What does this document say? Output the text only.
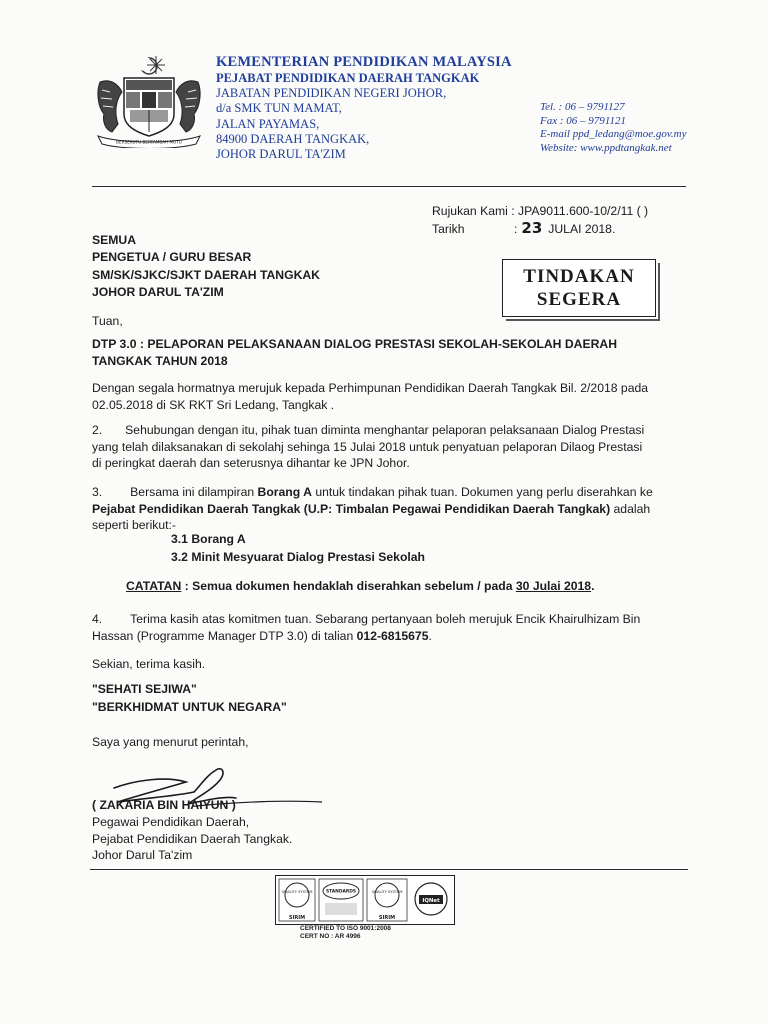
BERSEKUTU BERTAMBAH MUTU
KEMENTERIAN PENDIDIKAN MALAYSIA
PEJABAT PENDIDIKAN DAERAH TANGKAK
JABATAN PENDIDIKAN NEGERI JOHOR,
d/a SMK TUN MAMAT,
JALAN PAYAMAS,
84900 DAERAH TANGKAK,
JOHOR DARUL TA'ZIM
Tel. : 06 – 9791127
Fax : 06 – 9791121
E-mail ppd_ledang@moe.gov.my
Website: www.ppdtangkak.net
Rujukan Kami : JPA9011.600-10/2/11 ( )
Tarikh	: 23 JULAI 2018.
TINDAKAN
SEGERA
SEMUA
PENGETUA / GURU BESAR
SM/SK/SJKC/SJKT DAERAH TANGKAK
JOHOR DARUL TA'ZIM
Tuan,
DTP 3.0 : PELAPORAN PELAKSANAAN DIALOG PRESTASI SEKOLAH-SEKOLAH DAERAH
TANGKAK TAHUN 2018
Dengan segala hormatnya merujuk kepada Perhimpunan Pendidikan Daerah Tangkak Bil. 2/2018 pada
02.05.2018 di SK RKT Sri Ledang, Tangkak .
2. Sehubungan dengan itu, pihak tuan diminta menghantar pelaporan pelaksanaan Dialog Prestasi
yang telah dilaksanakan di sekolahj sehinga 15 Julai 2018 untuk penyatuan pelaporan Dilaog Prestasi
di peringkat daerah dan seterusnya dihantar ke JPN Johor.
3. Bersama ini dilampiran Borang A untuk tindakan pihak tuan. Dokumen yang perlu diserahkan ke
Pejabat Pendidikan Daerah Tangkak (U.P: Timbalan Pegawai Pendidikan Daerah Tangkak) adalah
seperti berikut:-
3.1 Borang A
3.2 Minit Mesyuarat Dialog Prestasi Sekolah
CATATAN : Semua dokumen hendaklah diserahkan sebelum / pada 30 Julai 2018.
4. Terima kasih atas komitmen tuan. Sebarang pertanyaan boleh merujuk Encik Khairulhizam Bin
Hassan (Programme Manager DTP 3.0) di talian 012-6815675.
Sekian, terima kasih.
"SEHATI SEJIWA"
"BERKHIDMAT UNTUK NEGARA"
Saya yang menurut perintah,
( ZAKARIA BIN HAIYUN )
Pegawai Pendidikan Daerah,
Pejabat Pendidikan Daerah Tangkak.
Johor Darul Ta'zim
QUALITY SYSTEM
SIRIM
STANDARDS	QUALITY SYSTEM
SIRIM
IQNet
CERTIFIED TO ISO 9001:2008
CERT NO : AR 4996
